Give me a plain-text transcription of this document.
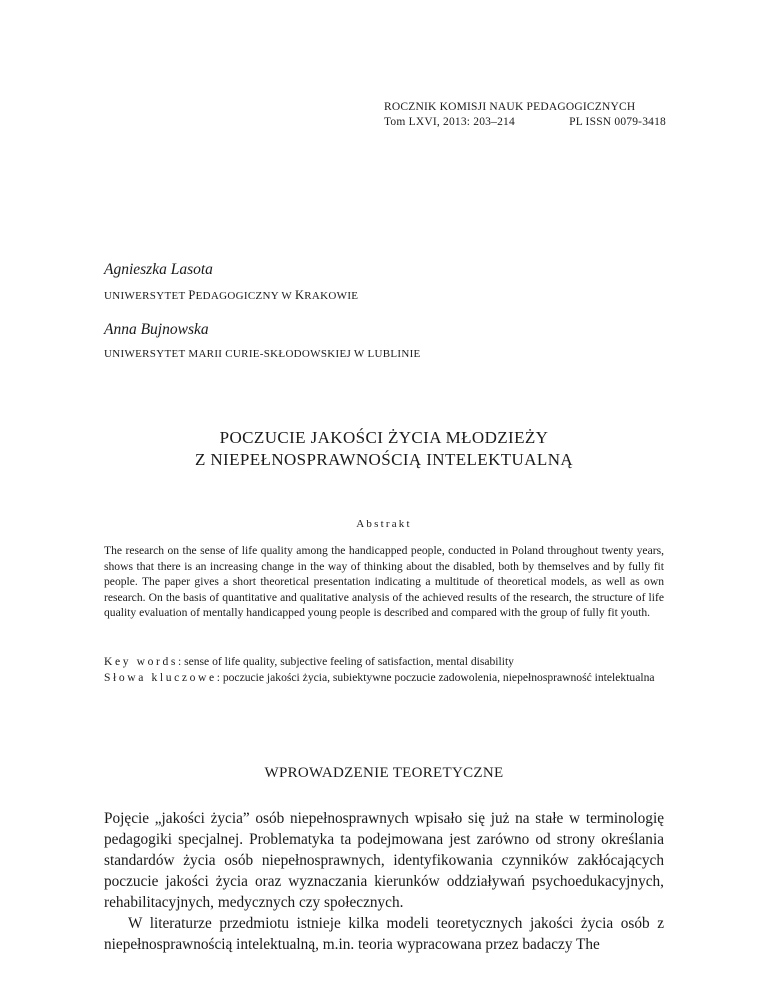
ROCZNIK KOMISJI NAUK PEDAGOGICZNYCH
Tom LXVI, 2013: 203–214	PL ISSN 0079-3418
Agnieszka Lasota
UNIWERSYTET PEDAGOGICZNY W KRAKOWIE
Anna Bujnowska
UNIWERSYTET MARII CURIE-SKŁODOWSKIEJ W LUBLINIE
POCZUCIE JAKOŚCI ŻYCIA MŁODZIEŻY
Z NIEPEŁNOSPRAWNOŚCIĄ INTELEKTUALNĄ
Abstrakt

The research on the sense of life quality among the handicapped people, conducted in Poland throughout twenty years, shows that there is an increasing change in the way of thinking about the disabled, both by themselves and by fully fit people. The paper gives a short theoretical presentation indicating a multitude of theoretical models, as well as own research. On the basis of quantitative and qualitative analysis of the achieved results of the research, the structure of life quality evaluation of mentally handicapped young people is described and compared with the group of fully fit youth.

Key words: sense of life quality, subjective feeling of satisfaction, mental disability

Słowa kluczowe: poczucie jakości życia, subiektywne poczucie zadowolenia, niepełnosprawność intelektualna

WPROWADZENIE TEORETYCZNE

Pojęcie „jakości życia” osób niepełnosprawnych wpisało się już na stałe w terminologię pedagogiki specjalnej. Problematyka ta podejmowana jest zarówno od strony określania standardów życia osób niepełnosprawnych, identyfikowania czynników zakłócających poczucie jakości życia oraz wyznaczania kierunków oddziaływań psychoedukacyjnych, rehabilitacyjnych, medycznych czy społecznych.

W literaturze przedmiotu istnieje kilka modeli teoretycznych jakości życia osób z niepełnosprawnością intelektualną, m.in. teoria wypracowana przez badaczy The
